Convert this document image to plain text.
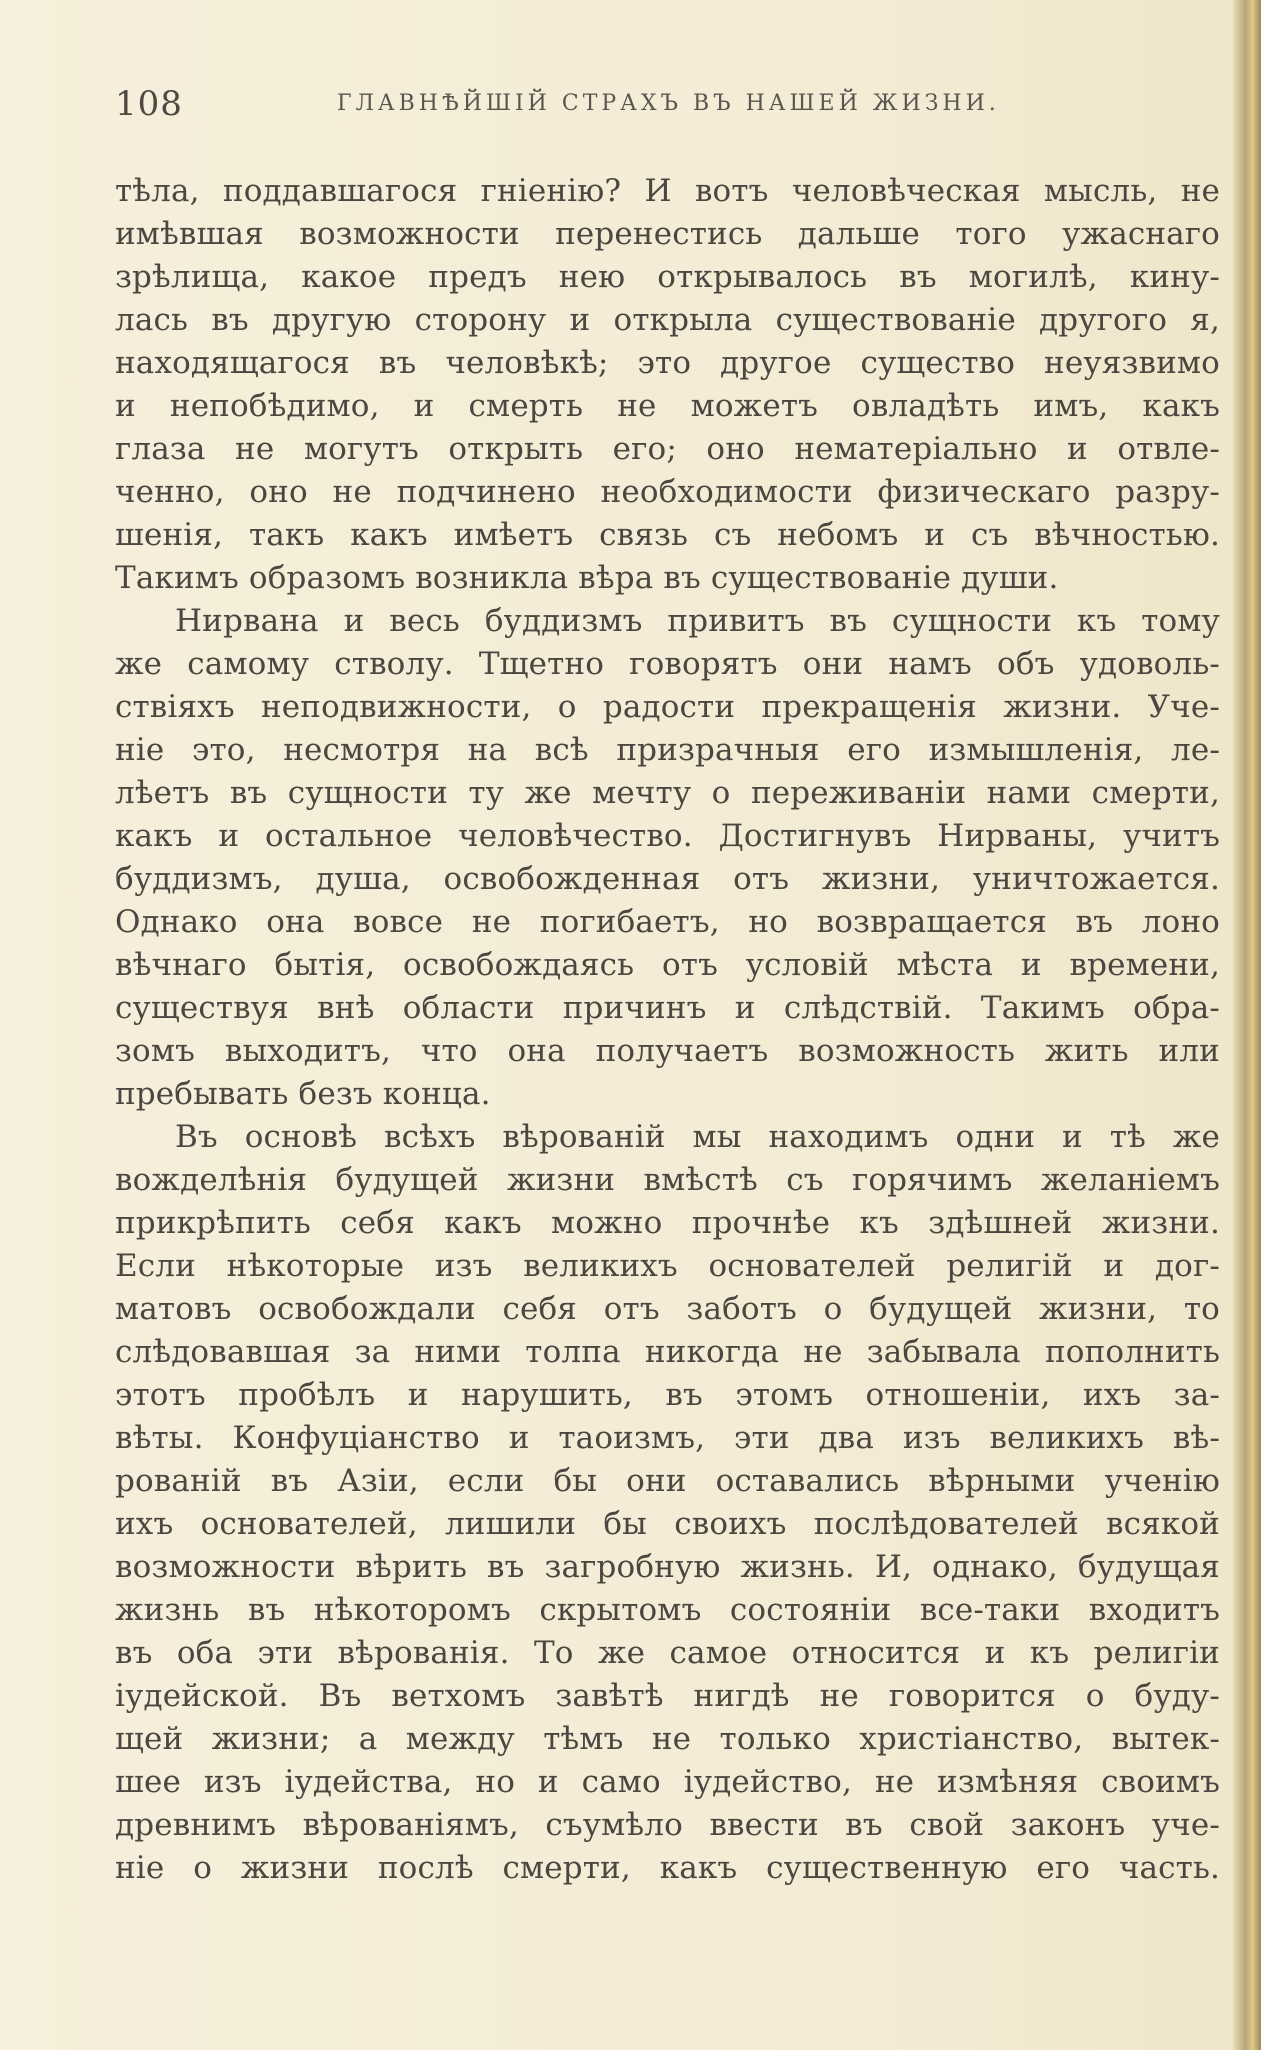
108	ГЛАВНѢЙШІЙ СТРАХЪ ВЪ НАШЕЙ ЖИЗНИ.
тѣла, поддавшагося гніенію? И вотъ человѣческая мысль, не
имѣвшая возможности перенестись дальше того ужаснаго
зрѣлища, какое предъ нею открывалось въ могилѣ, кину-
лась въ другую сторону и открыла существованіе другого я,
находящагося въ человѣкѣ; это другое существо неуязвимо
и непобѣдимо, и смерть не можетъ овладѣть имъ, какъ
глаза не могутъ открыть его; оно нематеріально и отвле-
ченно, оно не подчинено необходимости физическаго разру-
шенія, такъ какъ имѣетъ связь съ небомъ и съ вѣчностью.
Такимъ образомъ возникла вѣра въ существованіе души.
Нирвана и весь буддизмъ привитъ въ сущности къ тому
же самому стволу. Тщетно говорятъ они намъ объ удоволь-
ствіяхъ неподвижности, о радости прекращенія жизни. Уче-
ніе это, несмотря на всѣ призрачныя его измышленія, ле-
лѣетъ въ сущности ту же мечту о переживаніи нами смерти,
какъ и остальное человѣчество. Достигнувъ Нирваны, учитъ
буддизмъ, душа, освобожденная отъ жизни, уничтожается.
Однако она вовсе не погибаетъ, но возвращается въ лоно
вѣчнаго бытія, освобождаясь отъ условій мѣста и времени,
существуя внѣ области причинъ и слѣдствій. Такимъ обра-
зомъ выходитъ, что она получаетъ возможность жить или
пребывать безъ конца.
Въ основѣ всѣхъ вѣрованій мы находимъ одни и тѣ же
вожделѣнія будущей жизни вмѣстѣ съ горячимъ желаніемъ
прикрѣпить себя какъ можно прочнѣе къ здѣшней жизни.
Если нѣкоторые изъ великихъ основателей религій и дог-
матовъ освобождали себя отъ заботъ о будущей жизни, то
слѣдовавшая за ними толпа никогда не забывала пополнить
этотъ пробѣлъ и нарушить, въ этомъ отношеніи, ихъ за-
вѣты. Конфуціанство и таоизмъ, эти два изъ великихъ вѣ-
рованій въ Азіи, если бы они оставались вѣрными ученію
ихъ основателей, лишили бы своихъ послѣдователей всякой
возможности вѣрить въ загробную жизнь. И, однако, будущая
жизнь въ нѣкоторомъ скрытомъ состояніи все-таки входитъ
въ оба эти вѣрованія. То же самое относится и къ религіи
іудейской. Въ ветхомъ завѣтѣ нигдѣ не говорится о буду-
щей жизни; а между тѣмъ не только христіанство, вытек-
шее изъ іудейства, но и само іудейство, не измѣняя своимъ
древнимъ вѣрованіямъ, съумѣло ввести въ свой законъ уче-
ніе о жизни послѣ смерти, какъ существенную его часть.
